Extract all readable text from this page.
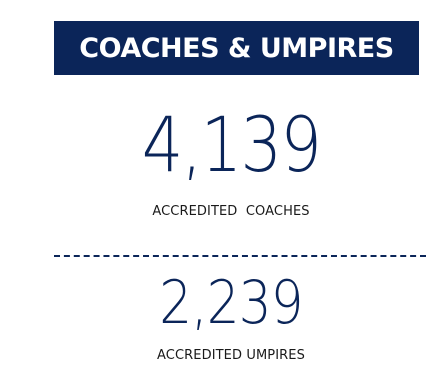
COACHES & UMPIRES
4,139
ACCREDITED  COACHES
2,239
ACCREDITED UMPIRES
